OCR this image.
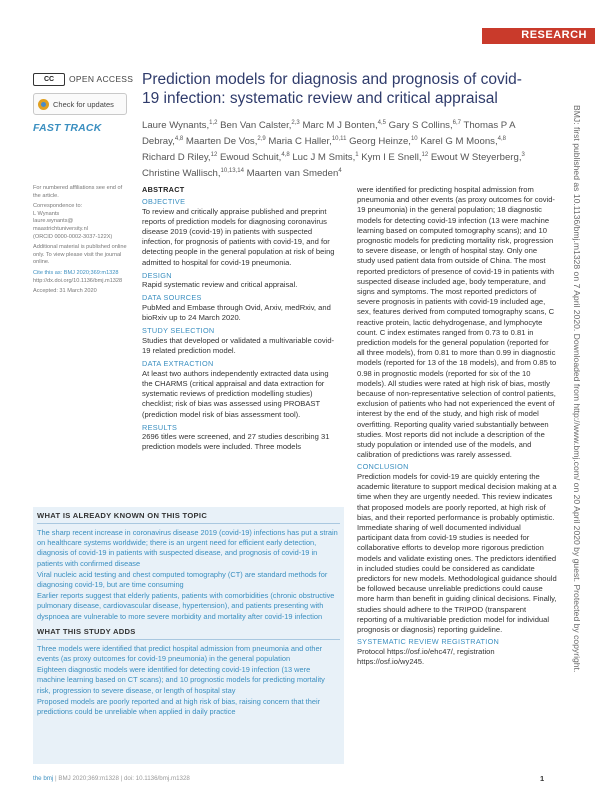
RESEARCH
CC	OPEN ACCESS
Check for updates
FAST TRACK
Prediction models for diagnosis and prognosis of covid-19 infection: systematic review and critical appraisal
Laure Wynants,$^{1,2}$ Ben Van Calster,$^{2,3}$ Marc M J Bonten,$^{4,5}$ Gary S Collins,$^{6,7}$ Thomas P A Debray,$^{4,8}$ Maarten De Vos,$^{2,9}$ Maria C Haller,$^{10,11}$ Georg Heinze,$^{10}$ Karel G M Moons,$^{4,8}$ Richard D Riley,$^{12}$ Ewoud Schuit,$^{4,8}$ Luc J M Smits,$^1$ Kym I E Snell,$^{12}$ Ewout W Steyerberg,$^3$ Christine Wallisch,$^{10,13,14}$ Maarten van Smeden$^4$

For numbered affiliations see end of the article.

Correspondence to:
L Wynants
laure.wynants@
maastrichtuniversity.nl
(ORCID 0000-0002-3037-122X)

Additional material is published online only. To view please visit the journal online.

Cite this as: BMJ 2020;369:m1328
http://dx.doi.org/10.1136/bmj.m1328

Accepted: 31 March 2020	BMJ: first published as 10.1136/bmj.m1328 on 7 April 2020. Downloaded from http://www.bmj.com/ on 20 April 2020 by guest. Protected by copyright.
ABSTRACT
OBJECTIVE

To review and critically appraise published and preprint reports of prediction models for diagnosing coronavirus disease 2019 (covid-19) in patients with suspected infection, for prognosis of patients with covid-19, and for detecting people in the general population at risk of being admitted to hospital for covid-19 pneumonia.

DESIGN

Rapid systematic review and critical appraisal.

DATA SOURCES

PubMed and Embase through Ovid, Arxiv, medRxiv, and bioRxiv up to 24 March 2020.

STUDY SELECTION

Studies that developed or validated a multivariable covid-19 related prediction model.

DATA EXTRACTION

At least two authors independently extracted data using the CHARMS (critical appraisal and data extraction for systematic reviews of prediction modelling studies) checklist; risk of bias was assessed using PROBAST (prediction model risk of bias assessment tool).

RESULTS

2696 titles were screened, and 27 studies describing 31 prediction models were included. Three models

were identified for predicting hospital admission from pneumonia and other events (as proxy outcomes for covid-19 pneumonia) in the general population; 18 diagnostic models for detecting covid-19 infection (13 were machine learning based on computed tomography scans); and 10 prognostic models for predicting mortality risk, progression to severe disease, or length of hospital stay. Only one study used patient data from outside of China. The most reported predictors of presence of covid-19 in patients with suspected disease included age, body temperature, and signs and symptoms. The most reported predictors of severe prognosis in patients with covid-19 included age, sex, features derived from computed tomography scans, C reactive protein, lactic dehydrogenase, and lymphocyte count. C index estimates ranged from 0.73 to 0.81 in prediction models for the general population (reported for all three models), from 0.81 to more than 0.99 in diagnostic models (reported for 13 of the 18 models), and from 0.85 to 0.98 in prognostic models (reported for six of the 10 models). All studies were rated at high risk of bias, mostly because of non-representative selection of control patients, exclusion of patients who had not experienced the event of interest by the end of the study, and high risk of model overfitting. Reporting quality varied substantially between studies. Most reports did not include a description of the study population or intended use of the models, and calibration of predictions was rarely assessed.

CONCLUSION

Prediction models for covid-19 are quickly entering the academic literature to support medical decision making at a time when they are urgently needed. This review indicates that proposed models are poorly reported, at high risk of bias, and their reported performance is probably optimistic. Immediate sharing of well documented individual participant data from covid-19 studies is needed for collaborative efforts to develop more rigorous prediction models and validate existing ones. The predictors identified in included studies could be considered as candidate predictors for new models. Methodological guidance should be followed because unreliable predictions could cause more harm than benefit in guiding clinical decisions. Finally, studies should adhere to the TRIPOD (transparent reporting of a multivariable prediction model for individual prognosis or diagnosis) reporting guideline.

SYSTEMATIC REVIEW REGISTRATION

Protocol https://osf.io/ehc47/, registration https://osf.io/wy245.

WHAT IS ALREADY KNOWN ON THIS TOPIC

The sharp recent increase in coronavirus disease 2019 (covid-19) infections has put a strain on healthcare systems worldwide; there is an urgent need for efficient early detection, diagnosis of covid-19 in patients with suspected disease, and prognosis of covid-19 in patients with confirmed disease

Viral nucleic acid testing and chest computed tomography (CT) are standard methods for diagnosing covid-19, but are time consuming

Earlier reports suggest that elderly patients, patients with comorbidities (chronic obstructive pulmonary disease, cardiovascular disease, hypertension), and patients presenting with dyspnoea are vulnerable to more severe morbidity and mortality after covid-19 infection

WHAT THIS STUDY ADDS

Three models were identified that predict hospital admission from pneumonia and other events (as proxy outcomes for covid-19 pneumonia) in the general population

Eighteen diagnostic models were identified for detecting covid-19 infection (13 were machine learning based on CT scans); and 10 prognostic models for predicting mortality risk, progression to severe disease, or length of hospital stay

Proposed models are poorly reported and at high risk of bias, raising concern that their predictions could be unreliable when applied in daily practice

the bmj | BMJ 2020;369:m1328 | doi: 10.1136/bmj.m1328	1
